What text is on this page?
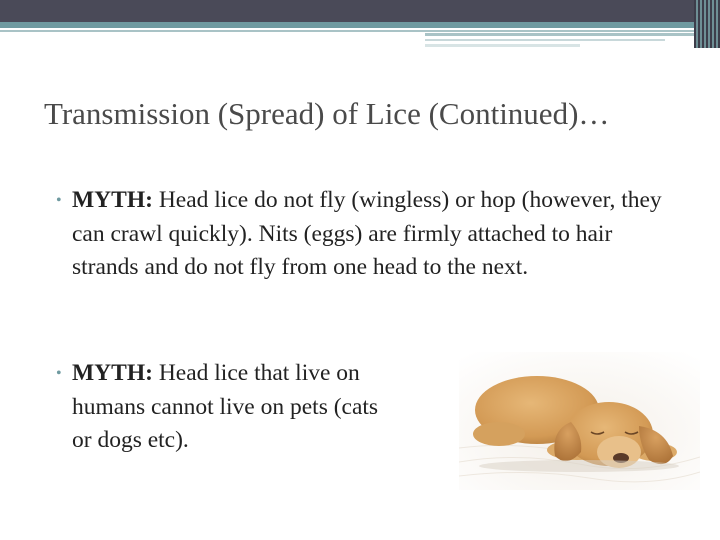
Transmission (Spread) of Lice (Continued)…
• MYTH: Head lice do not fly (wingless) or hop (however, they can crawl quickly). Nits (eggs) are firmly attached to hair strands and do not fly from one head to the next.
• MYTH: Head lice that live on humans cannot live on pets (cats or dogs etc).
